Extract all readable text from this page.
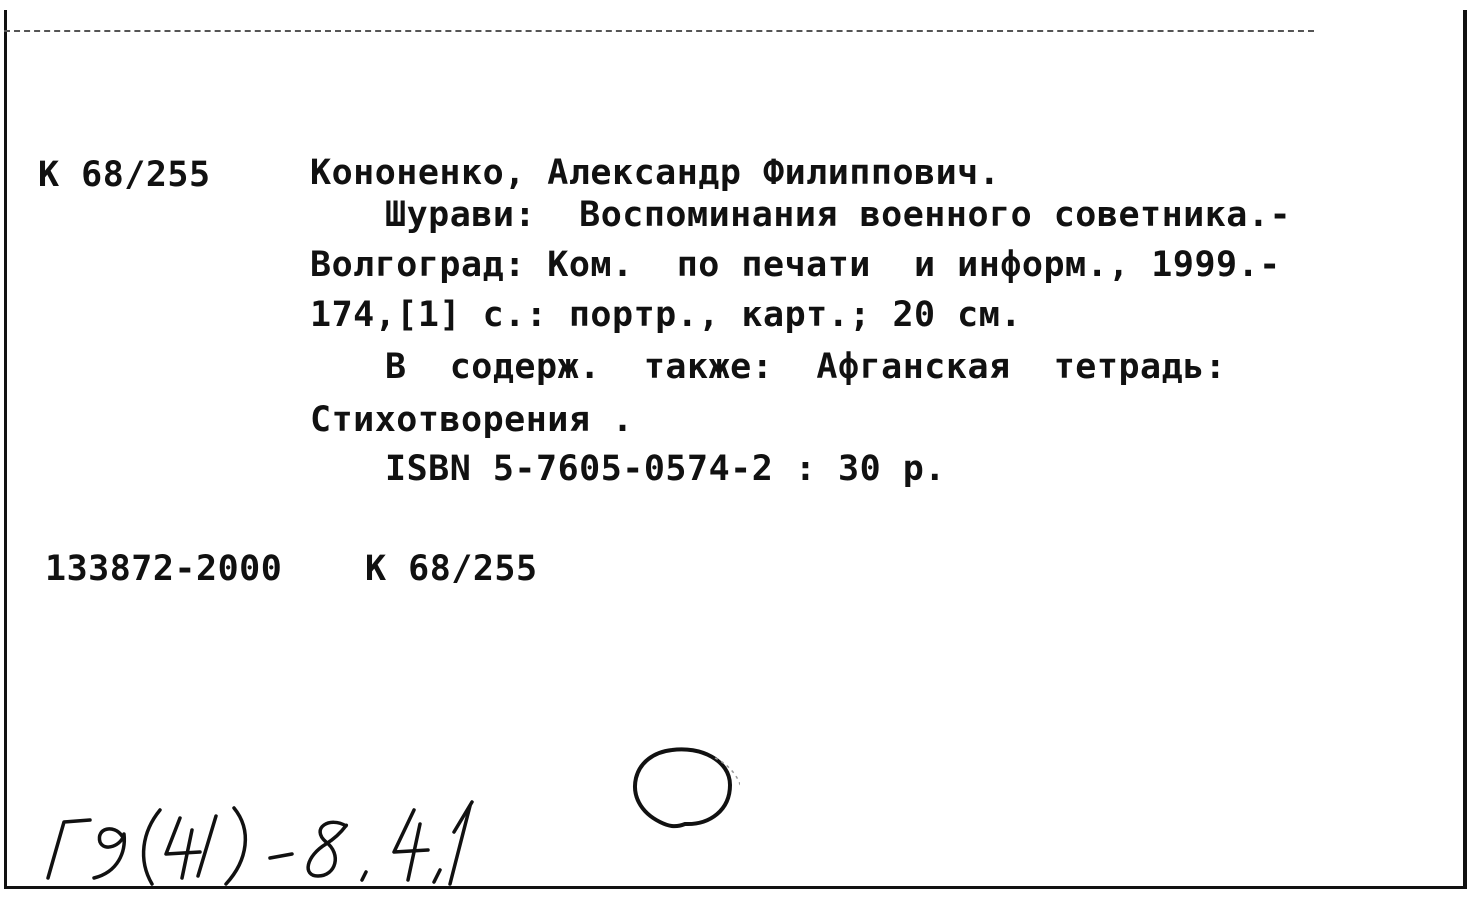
К 68/255	Кононенко, Александр Филиппович.
Шурави:  Воспоминания военного советника.-
Волгоград: Ком.  по печати  и информ., 1999.-
174,[1] с.: портр., карт.; 20 см.
В  содерж.  также:  Афганская  тетрадь:
Стихотворения .
ISBN 5-7605-0574-2 : 30 р.
133872-2000 К 68/255
